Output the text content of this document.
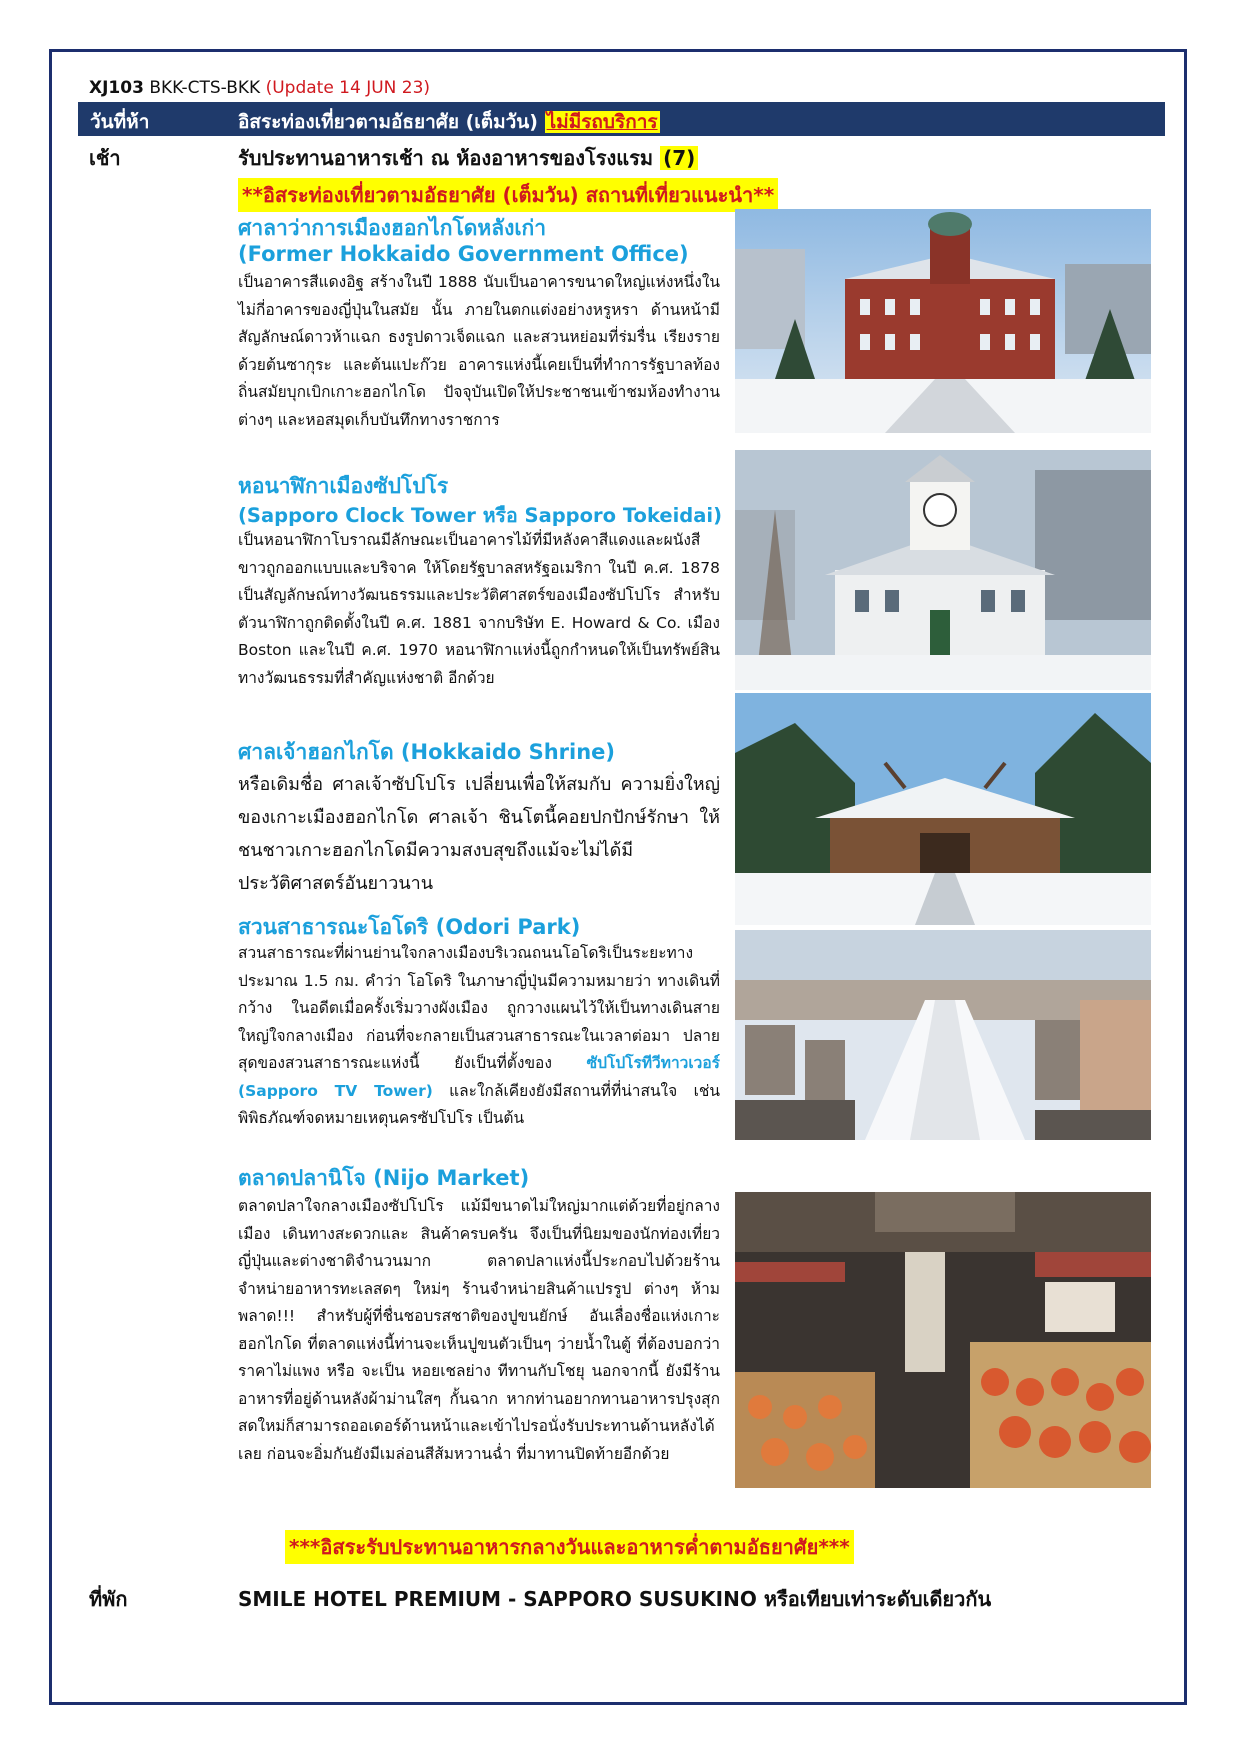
XJ103 BKK-CTS-BKK (Update 14 JUN 23)
วันที่ห้า	อิสระท่องเที่ยวตามอัธยาศัย (เต็มวัน) ไม่มีรถบริการ
เช้า	รับประทานอาหารเช้า ณ ห้องอาหารของโรงแรม (7)
**อิสระท่องเที่ยวตามอัธยาศัย (เต็มวัน) สถานที่เที่ยวแนะนำ**
ศาลาว่าการเมืองฮอกไกโดหลังเก่า
(Former Hokkaido Government Office)
เป็นอาคารสีแดงอิฐ สร้างในปี 1888 นับเป็นอาคารขนาดใหญ่แห่งหนึ่งในไม่กี่อาคารของญี่ปุ่นในสมัย นั้น ภายในตกแต่งอย่างหรูหรา ด้านหน้ามีสัญลักษณ์ดาวห้าแฉก ธงรูปดาวเจ็ดแฉก และสวนหย่อมที่ร่มรื่น เรียงรายด้วยต้นซากุระ และต้นแปะก๊วย อาคารแห่งนี้เคยเป็นที่ทำการรัฐบาลท้องถิ่นสมัยบุกเบิกเกาะฮอกไกโด ปัจจุบันเปิดให้ประชาชนเข้าชมห้องทำงานต่างๆ และหอสมุดเก็บบันทึกทางราชการ
หอนาฬิกาเมืองซัปโปโร
(Sapporo Clock Tower หรือ Sapporo Tokeidai)
เป็นหอนาฬิกาโบราณมีลักษณะเป็นอาคารไม้ที่มีหลังคาสีแดงและผนังสีขาวถูกออกแบบและบริจาค ให้โดยรัฐบาลสหรัฐอเมริกา ในปี ค.ศ. 1878 เป็นสัญลักษณ์ทางวัฒนธรรมและประวัติศาสตร์ของเมืองซัปโปโร สำหรับตัวนาฬิกาถูกติดตั้งในปี ค.ศ. 1881 จากบริษัท E. Howard & Co. เมือง Boston และในปี ค.ศ. 1970 หอนาฬิกาแห่งนี้ถูกกำหนดให้เป็นทรัพย์สินทางวัฒนธรรมที่สำคัญแห่งชาติ อีกด้วย
ศาลเจ้าฮอกไกโด (Hokkaido Shrine)
หรือเดิมชื่อ ศาลเจ้าซัปโปโร เปลี่ยนเพื่อให้สมกับ ความยิ่งใหญ่ของเกาะเมืองฮอกไกโด ศาลเจ้า ชินโตนี้คอยปกปักษ์รักษา ให้ชนชาวเกาะฮอกไกโดมีความสงบสุขถึงแม้จะไม่ได้มีประวัติศาสตร์อันยาวนาน
สวนสาธารณะโอโดริ (Odori Park)
สวนสาธารณะที่ผ่านย่านใจกลางเมืองบริเวณถนนโอโดริเป็นระยะทางประมาณ 1.5 กม. คำว่า โอโดริ ในภาษาญี่ปุ่นมีความหมายว่า ทางเดินที่กว้าง ในอดีตเมื่อครั้งเริ่มวางผังเมือง ถูกวางแผนไว้ให้เป็นทางเดินสายใหญ่ใจกลางเมือง ก่อนที่จะกลายเป็นสวนสาธารณะในเวลาต่อมา ปลายสุดของสวนสาธารณะแห่งนี้ ยังเป็นที่ตั้งของ ซัปโปโรทีวีทาวเวอร์ (Sapporo TV Tower) และใกล้เคียงยังมีสถานที่ที่น่าสนใจ เช่น พิพิธภัณฑ์จดหมายเหตุนครซัปโปโร เป็นต้น
ตลาดปลานิโจ (Nijo Market)
ตลาดปลาใจกลางเมืองซัปโปโร แม้มีขนาดไม่ใหญ่มากแต่ด้วยที่อยู่กลางเมือง เดินทางสะดวกและ สินค้าครบครัน จึงเป็นที่นิยมของนักท่องเที่ยวญี่ปุ่นและต่างชาติจำนวนมาก ตลาดปลาแห่งนี้ประกอบไปด้วยร้านจำหน่ายอาหารทะเลสดๆ ใหม่ๆ ร้านจำหน่ายสินค้าแปรรูป ต่างๆ ห้ามพลาด!!! สำหรับผู้ที่ชื่นชอบรสชาติของปูขนยักษ์ อันเลื่องชื่อแห่งเกาะฮอกไกโด ที่ตลาดแห่งนี้ท่านจะเห็นปูขนตัวเป็นๆ ว่ายน้ำในตู้ ที่ต้องบอกว่าราคาไม่แพง หรือ จะเป็น หอยเชลย่าง ทีทานกับโชยุ นอกจากนี้ ยังมีร้านอาหารที่อยู่ด้านหลังผ้าม่านใสๆ กั้นฉาก หากท่านอยากทานอาหารปรุงสุกสดใหม่ก็สามารถออเดอร์ด้านหน้าและเข้าไปรอนั่งรับประทานด้านหลังได้เลย ก่อนจะอิ่มกันยังมีเมล่อนสีส้มหวานฉ่ำ ที่มาทานปิดท้ายอีกด้วย
***อิสระรับประทานอาหารกลางวันและอาหารค่ำตามอัธยาศัย***
ที่พัก	SMILE HOTEL PREMIUM - SAPPORO SUSUKINO หรือเทียบเท่าระดับเดียวกัน
